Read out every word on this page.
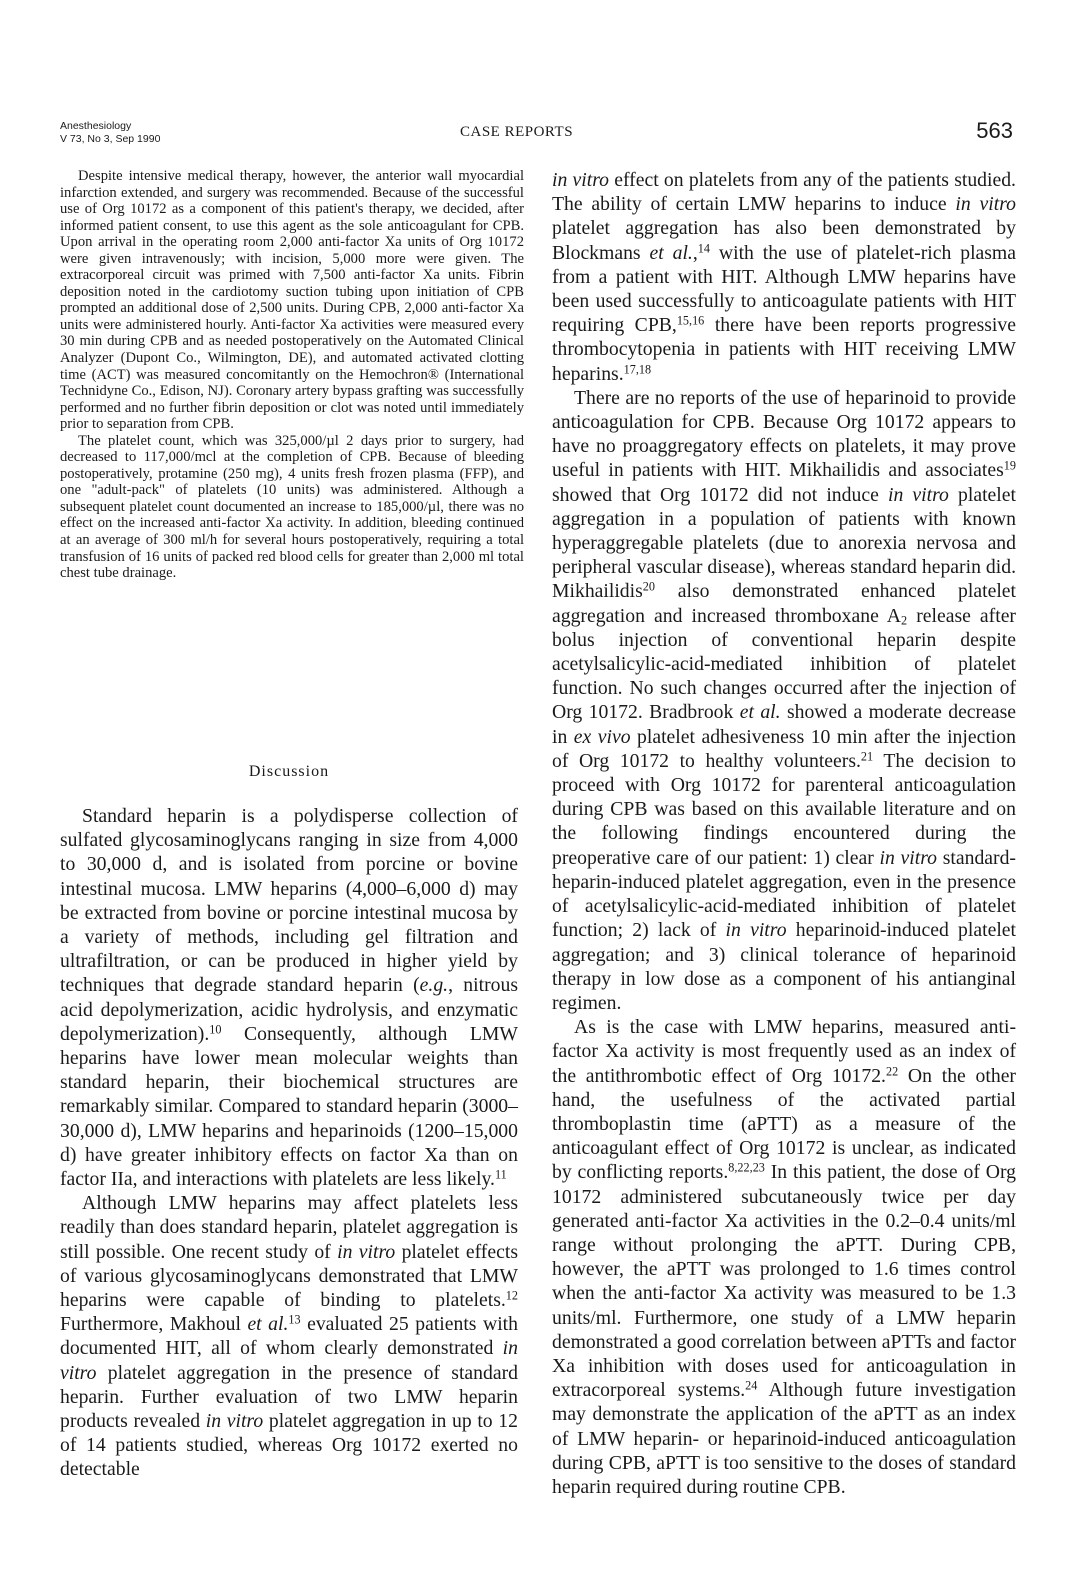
Anesthesiology
V 73, No 3, Sep 1990	CASE REPORTS	563

Despite intensive medical therapy, however, the anterior wall myocardial infarction extended, and surgery was recommended. Because of the successful use of Org 10172 as a component of this patient's therapy, we decided, after informed patient consent, to use this agent as the sole anticoagulant for CPB. Upon arrival in the operating room 2,000 anti-factor Xa units of Org 10172 were given intravenously; with incision, 5,000 more were given. The extracorporeal circuit was primed with 7,500 anti-factor Xa units. Fibrin deposition noted in the cardiotomy suction tubing upon initiation of CPB prompted an additional dose of 2,500 units. During CPB, 2,000 anti-factor Xa units were administered hourly. Anti-factor Xa activities were measured every 30 min during CPB and as needed postoperatively on the Automated Clinical Analyzer (Dupont Co., Wilmington, DE), and automated activated clotting time (ACT) was measured concomitantly on the Hemochron® (International Technidyne Co., Edison, NJ). Coronary artery bypass grafting was successfully performed and no further fibrin deposition or clot was noted until immediately prior to separation from CPB.

The platelet count, which was 325,000/µl 2 days prior to surgery, had decreased to 117,000/mcl at the completion of CPB. Because of bleeding postoperatively, protamine (250 mg), 4 units fresh frozen plasma (FFP), and one "adult-pack" of platelets (10 units) was administered. Although a subsequent platelet count documented an increase to 185,000/µl, there was no effect on the increased anti-factor Xa activity. In addition, bleeding continued at an average of 300 ml/h for several hours postoperatively, requiring a total transfusion of 16 units of packed red blood cells for greater than 2,000 ml total chest tube drainage.

Discussion

Standard heparin is a polydisperse collection of sulfated glycosaminoglycans ranging in size from 4,000 to 30,000 d, and is isolated from porcine or bovine intestinal mucosa. LMW heparins (4,000–6,000 d) may be extracted from bovine or porcine intestinal mucosa by a variety of methods, including gel filtration and ultrafiltration, or can be produced in higher yield by techniques that degrade standard heparin (e.g., nitrous acid depolymerization, acidic hydrolysis, and enzymatic depolymerization).$^{10}$ Consequently, although LMW heparins have lower mean molecular weights than standard heparin, their biochemical structures are remarkably similar. Compared to standard heparin (3000–30,000 d), LMW heparins and heparinoids (1200–15,000 d) have greater inhibitory effects on factor Xa than on factor IIa, and interactions with platelets are less likely.$^{11}$

Although LMW heparins may affect platelets less readily than does standard heparin, platelet aggregation is still possible. One recent study of in vitro platelet effects of various glycosaminoglycans demonstrated that LMW heparins were capable of binding to platelets.$^{12}$ Furthermore, Makhoul et al.$^{13}$ evaluated 25 patients with documented HIT, all of whom clearly demonstrated in vitro platelet aggregation in the presence of standard heparin. Further evaluation of two LMW heparin products revealed in vitro platelet aggregation in up to 12 of 14 patients studied, whereas Org 10172 exerted no detectable

in vitro effect on platelets from any of the patients studied. The ability of certain LMW heparins to induce in vitro platelet aggregation has also been demonstrated by Blockmans et al.,$^{14}$ with the use of platelet-rich plasma from a patient with HIT. Although LMW heparins have been used successfully to anticoagulate patients with HIT requiring CPB,$^{15,16}$ there have been reports progressive thrombocytopenia in patients with HIT receiving LMW heparins.$^{17,18}$

There are no reports of the use of heparinoid to provide anticoagulation for CPB. Because Org 10172 appears to have no proaggregatory effects on platelets, it may prove useful in patients with HIT. Mikhailidis and associates$^{19}$ showed that Org 10172 did not induce in vitro platelet aggregation in a population of patients with known hyperaggregable platelets (due to anorexia nervosa and peripheral vascular disease), whereas standard heparin did. Mikhailidis$^{20}$ also demonstrated enhanced platelet aggregation and increased thromboxane $A_2$ release after bolus injection of conventional heparin despite acetylsalicylic-acid-mediated inhibition of platelet function. No such changes occurred after the injection of Org 10172. Bradbrook et al. showed a moderate decrease in ex vivo platelet adhesiveness 10 min after the injection of Org 10172 to healthy volunteers.$^{21}$ The decision to proceed with Org 10172 for parenteral anticoagulation during CPB was based on this available literature and on the following findings encountered during the preoperative care of our patient: 1) clear in vitro standard-heparin-induced platelet aggregation, even in the presence of acetylsalicylic-acid-mediated inhibition of platelet function; 2) lack of in vitro heparinoid-induced platelet aggregation; and 3) clinical tolerance of heparinoid therapy in low dose as a component of his antianginal regimen.

As is the case with LMW heparins, measured anti-factor Xa activity is most frequently used as an index of the antithrombotic effect of Org 10172.22 On the other hand, the usefulness of the activated partial thromboplastin time (aPTT) as a measure of the anticoagulant effect of Org 10172 is unclear, as indicated by conflicting reports.$^{8,22,23}$ In this patient, the dose of Org 10172 administered subcutaneously twice per day generated anti-factor Xa activities in the 0.2–0.4 units/ml range without prolonging the aPTT. During CPB, however, the aPTT was prolonged to 1.6 times control when the anti-factor Xa activity was measured to be 1.3 units/ml. Furthermore, one study of a LMW heparin demonstrated a good correlation between aPTTs and factor Xa inhibition with doses used for anticoagulation in extracorporeal systems.$^{24}$ Although future investigation may demonstrate the application of the aPTT as an index of LMW heparin- or heparinoid-induced anticoagulation during CPB, aPTT is too sensitive to the doses of standard heparin required during routine CPB.
